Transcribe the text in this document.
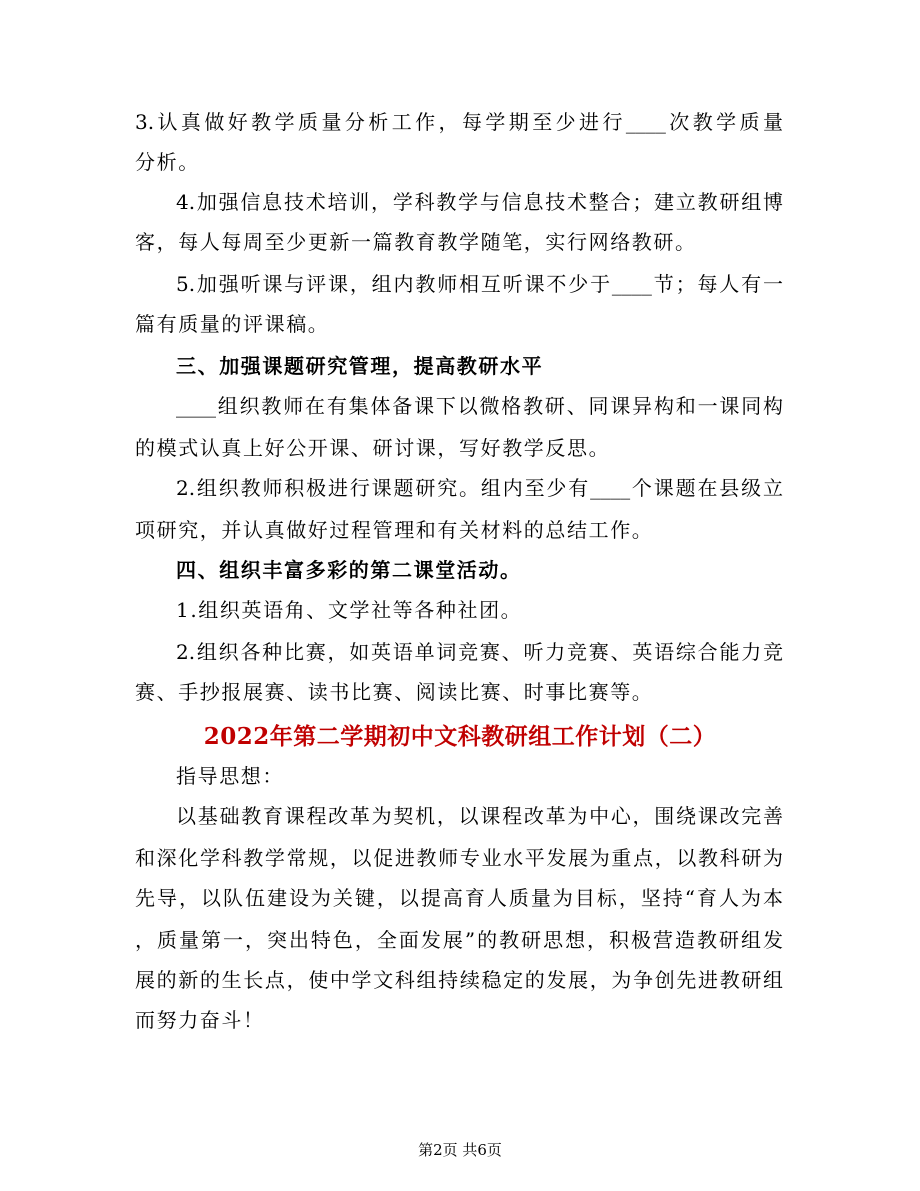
3.认真做好教学质量分析工作，每学期至少进行____次教学质量
分析。
4.加强信息技术培训，学科教学与信息技术整合；建立教研组博
客，每人每周至少更新一篇教育教学随笔，实行网络教研。
5.加强听课与评课，组内教师相互听课不少于____节；每人有一
篇有质量的评课稿。
三、加强课题研究管理，提高教研水平
____组织教师在有集体备课下以微格教研、同课异构和一课同构
的模式认真上好公开课、研讨课，写好教学反思。
2.组织教师积极进行课题研究。组内至少有____个课题在县级立
项研究，并认真做好过程管理和有关材料的总结工作。
四、组织丰富多彩的第二课堂活动。
1.组织英语角、文学社等各种社团。
2.组织各种比赛，如英语单词竞赛、听力竞赛、英语综合能力竞
赛、手抄报展赛、读书比赛、阅读比赛、时事比赛等。
2022年第二学期初中文科教研组工作计划（二）
指导思想：
以基础教育课程改革为契机，以课程改革为中心，围绕课改完善
和深化学科教学常规，以促进教师专业水平发展为重点，以教科研为
先导，以队伍建设为关键，以提高育人质量为目标，坚持“育人为本
，质量第一，突出特色，全面发展”的教研思想，积极营造教研组发
展的新的生长点，使中学文科组持续稳定的发展，为争创先进教研组
而努力奋斗！
第2页 共6页
